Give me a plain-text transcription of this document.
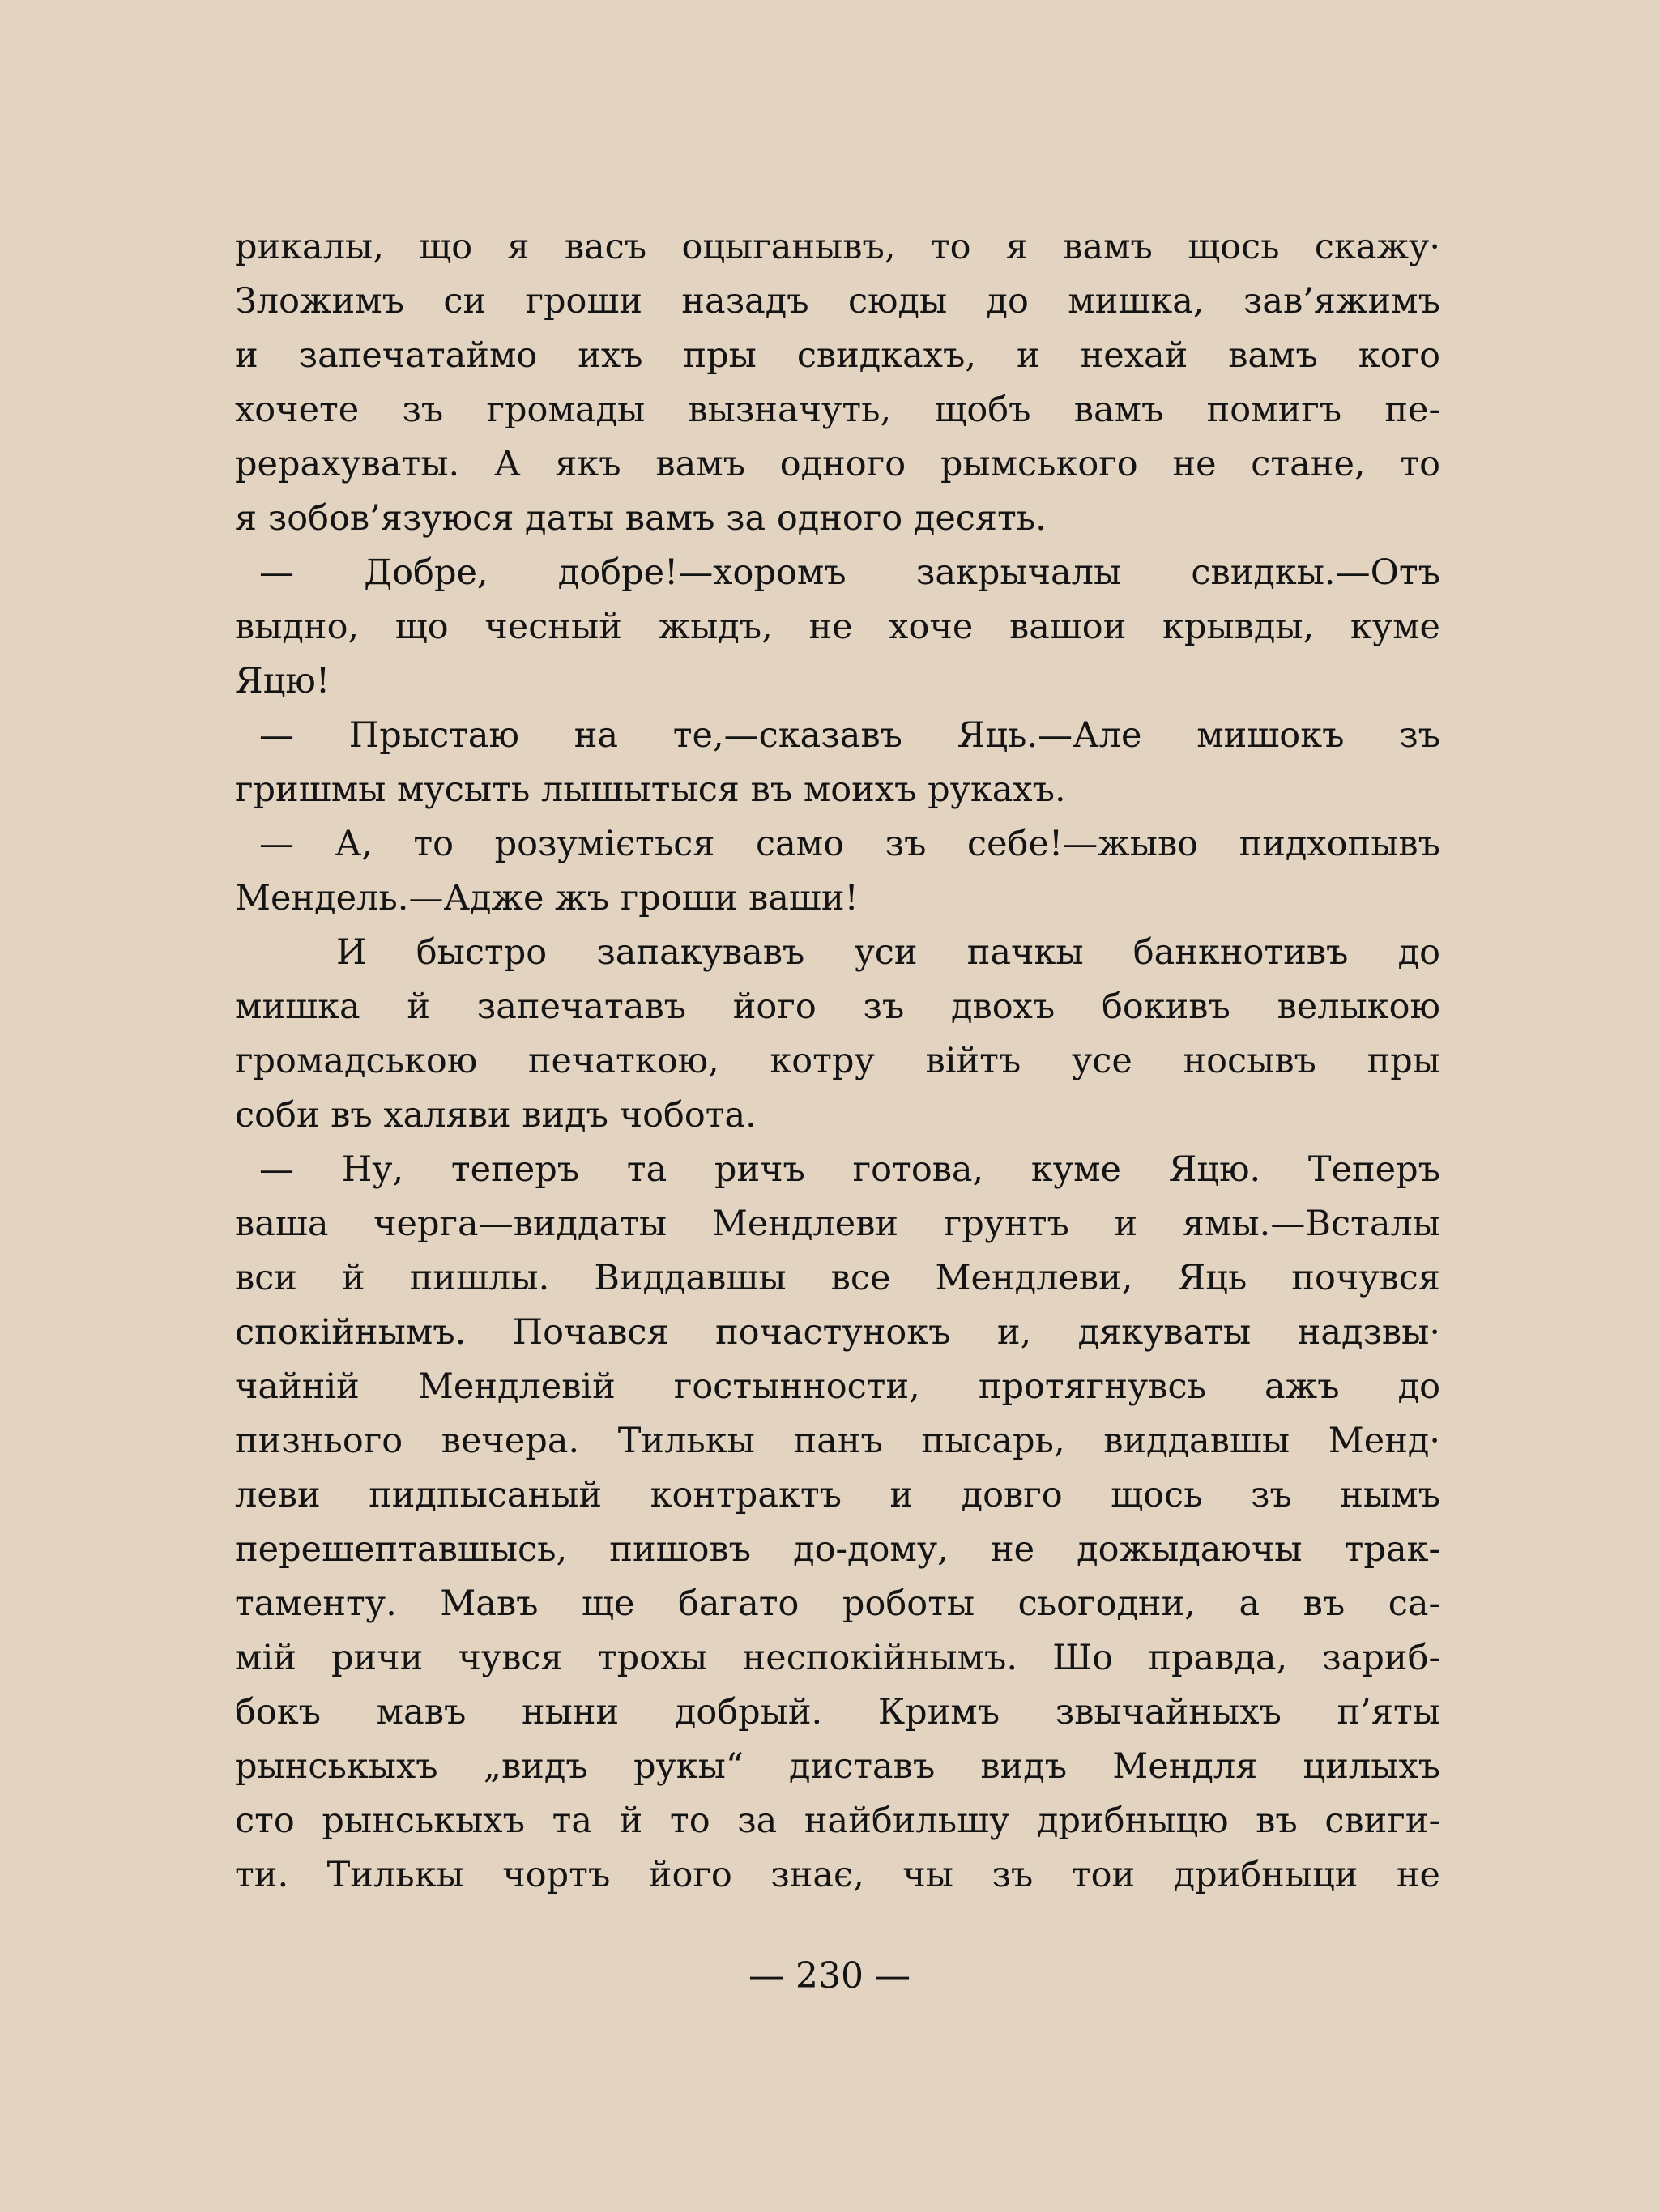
рикалы, що я васъ оцыганывъ, то я вамъ щось скажу·
Зложимъ си гроши назадъ сюды до мишка, зав’яжимъ
и запечатаймо ихъ пры свидкахъ, и нехай вамъ кого
хочете зъ громады вызначуть, щобъ вамъ помигъ пе-
рерахуваты. А якъ вамъ одного рымського не стане, то
я зобов’язуюся даты вамъ за одного десять.
— Добре, добре!—хоромъ закрычалы свидкы.—Отъ
выдно, що чесный жыдъ, не хоче вашои крывды, куме
Яцю!
— Прыстаю на те,—сказавъ Яць.—Але мишокъ зъ
гришмы мусыть лышытыся въ моихъ рукахъ.
— А, то розуміється само зъ себе!—жыво пидхопывъ
Мендель.—Адже жъ гроши ваши!
И быстро запакувавъ уси пачкы банкнотивъ до
мишка й запечатавъ його зъ двохъ бокивъ велыкою
громадською печаткою, котру війтъ усе носывъ пры
соби въ халяви видъ чобота.
— Ну, теперъ та ричъ готова, куме Яцю. Теперъ
ваша черга—виддаты Мендлеви грунтъ и ямы.—Всталы
вси й пишлы. Виддавшы все Мендлеви, Яць почувся
спокійнымъ. Почався почастунокъ и, дякуваты надзвы·
чайній Мендлевій гостынности, протягнувсь ажъ до
пизнього вечера. Тилькы панъ пысарь, виддавшы Менд·
леви пидпысаный контрактъ и довго щось зъ нымъ
перешептавшысь, пишовъ до-дому, не дожыдаючы трак-
таменту. Мавъ ще багато роботы сьогодни, а въ са-
мій ричи чувся трохы неспокійнымъ. Шо правда, зариб-
бокъ мавъ ныни добрый. Кримъ звычайныхъ п’яты
рынськыхъ „видъ рукы“ диставъ видъ Мендля цилыхъ
сто рынськыхъ та й то за найбильшу дрибныцю въ свиги-
ти. Тилькы чортъ його знає, чы зъ тои дрибныци не
— 230 —
